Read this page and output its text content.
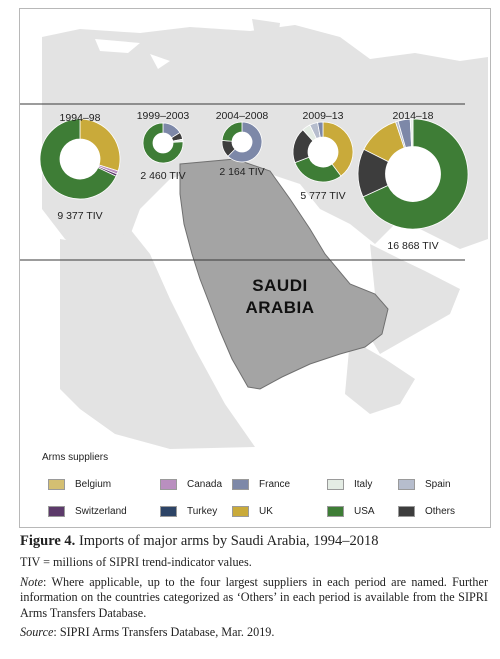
SAUDI
ARABIA
1994–98
9 377 TIV
1999–2003
2 460 TIV
2004–2008
2 164 TIV
2009–13
5 777 TIV
2014–18
16 868 TIV
Arms suppliers
Belgium	Canada	France	Italy	Spain
Switzerland	Turkey	UK	USA	Others

Figure 4. Imports of major arms by Saudi Arabia, 1994–2018

TIV = millions of SIPRI trend-indicator values.

Note: Where applicable, up to the four largest suppliers in each period are named. Further information on the countries categorized as ‘Others’ in each period is available from the SIPRI Arms Transfers Database.

Source: SIPRI Arms Transfers Database, Mar. 2019.
